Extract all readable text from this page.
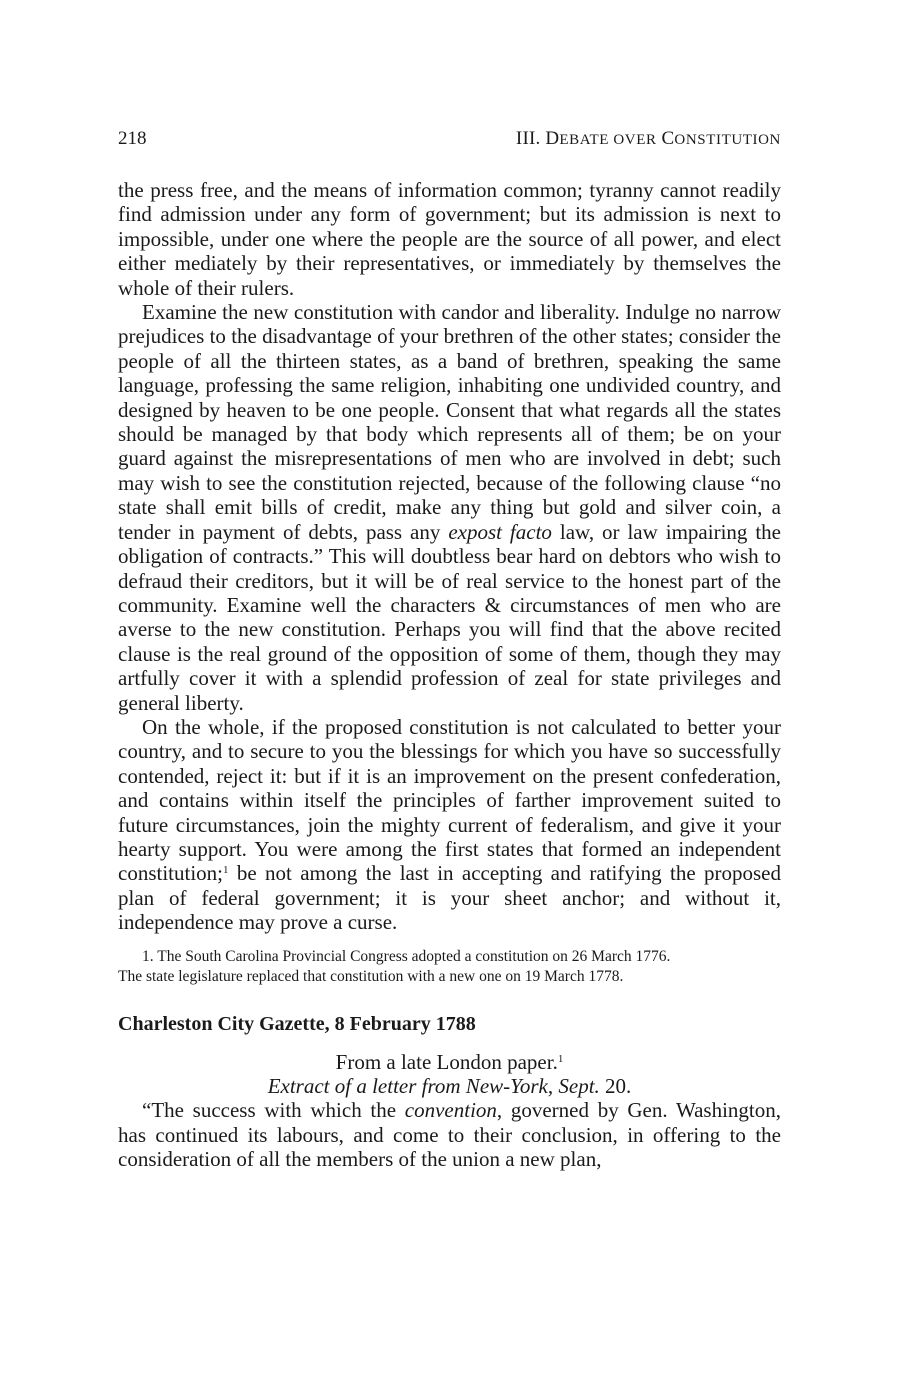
218	III. DEBATE OVER CONSTITUTION

the press free, and the means of information common; tyranny cannot readily find admission under any form of government; but its admission is next to impossible, under one where the people are the source of all power, and elect either mediately by their representatives, or immediately by themselves the whole of their rulers.

Examine the new constitution with candor and liberality. Indulge no narrow prejudices to the disadvantage of your brethren of the other states; consider the people of all the thirteen states, as a band of brethren, speaking the same language, professing the same religion, inhabiting one undivided country, and designed by heaven to be one people. Consent that what regards all the states should be managed by that body which represents all of them; be on your guard against the misrepresentations of men who are involved in debt; such may wish to see the constitution rejected, because of the following clause “no state shall emit bills of credit, make any thing but gold and silver coin, a tender in payment of debts, pass any expost facto law, or law impairing the obligation of contracts.” This will doubtless bear hard on debtors who wish to defraud their creditors, but it will be of real service to the honest part of the community. Examine well the characters & circumstances of men who are averse to the new constitution. Perhaps you will find that the above recited clause is the real ground of the opposition of some of them, though they may artfully cover it with a splendid profession of zeal for state privileges and general liberty.

On the whole, if the proposed constitution is not calculated to better your country, and to secure to you the blessings for which you have so successfully contended, reject it: but if it is an improvement on the present confederation, and contains within itself the principles of farther improvement suited to future circumstances, join the mighty current of federalism, and give it your hearty support. You were among the first states that formed an independent constitution;$^1$ be not among the last in accepting and ratifying the proposed plan of federal government; it is your sheet anchor; and without it, independence may prove a curse.

1. The South Carolina Provincial Congress adopted a constitution on 26 March 1776.
The state legislature replaced that constitution with a new one on 19 March 1778.
Charleston City Gazette, 8 February 1788
From a late London paper.$^1$
Extract of a letter from New-York, Sept. 20.

“The success with which the convention, governed by Gen. Washington, has continued its labours, and come to their conclusion, in offering to the consideration of all the members of the union a new plan,
